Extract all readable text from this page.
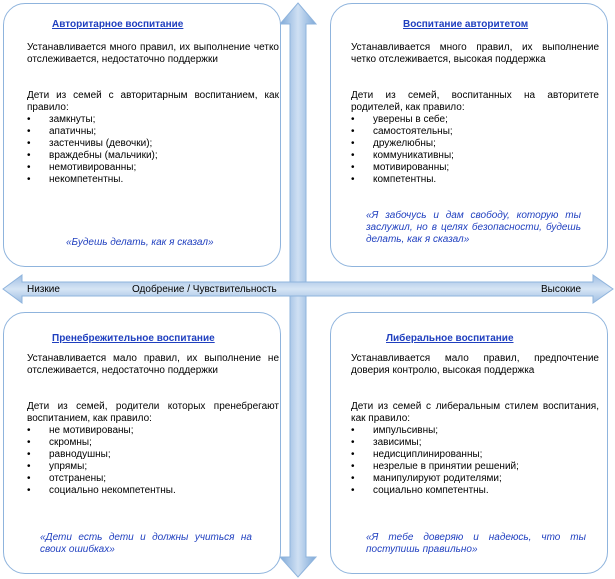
Низкие	Одобрение / Чувствительность	Высокие
Авторитарное воспитание

Устанавливается много правил, их выполнение четко отслеживается, недостаточно поддержки

Дети из семей с авторитарным воспитанием, как правило:

• замкнуты;
• апатичны;
• застенчивы (девочки);
• враждебны (мальчики);
• немотивированны;
• некомпетентны.

«Будешь делать, как я сказал»

Воспитание авторитетом

Устанавливается много правил, их выполнение четко отслеживается, высокая поддержка

Дети из семей, воспитанных на авторитете родителей, как правило:

• уверены в себе;
• самостоятельны;
• дружелюбны;
• коммуникативны;
• мотивированны;
• компетентны.

«Я забочусь и дам свободу, которую ты заслужил, но в целях безопасности, будешь делать, как я сказал»

Пренебрежительное воспитание

Устанавливается мало правил, их выполнение не отслеживается, недостаточно поддержки

Дети из семей, родители которых пренебрегают воспитанием, как правило:

• не мотивированы;
• скромны;
• равнодушны;
• упрямы;
• отстранены;
• социально некомпетентны.

«Дети есть дети и должны учиться на своих ошибках»

Либеральное воспитание

Устанавливается мало правил, предпочтение доверия контролю, высокая поддержка

Дети из семей с либеральным стилем воспитания, как правило:

• импульсивны;
• зависимы;
• недисциплинированны;
• незрелые в принятии решений;
• манипулируют родителями;
• социально компетентны.

«Я тебе доверяю и надеюсь, что ты поступишь правильно»
